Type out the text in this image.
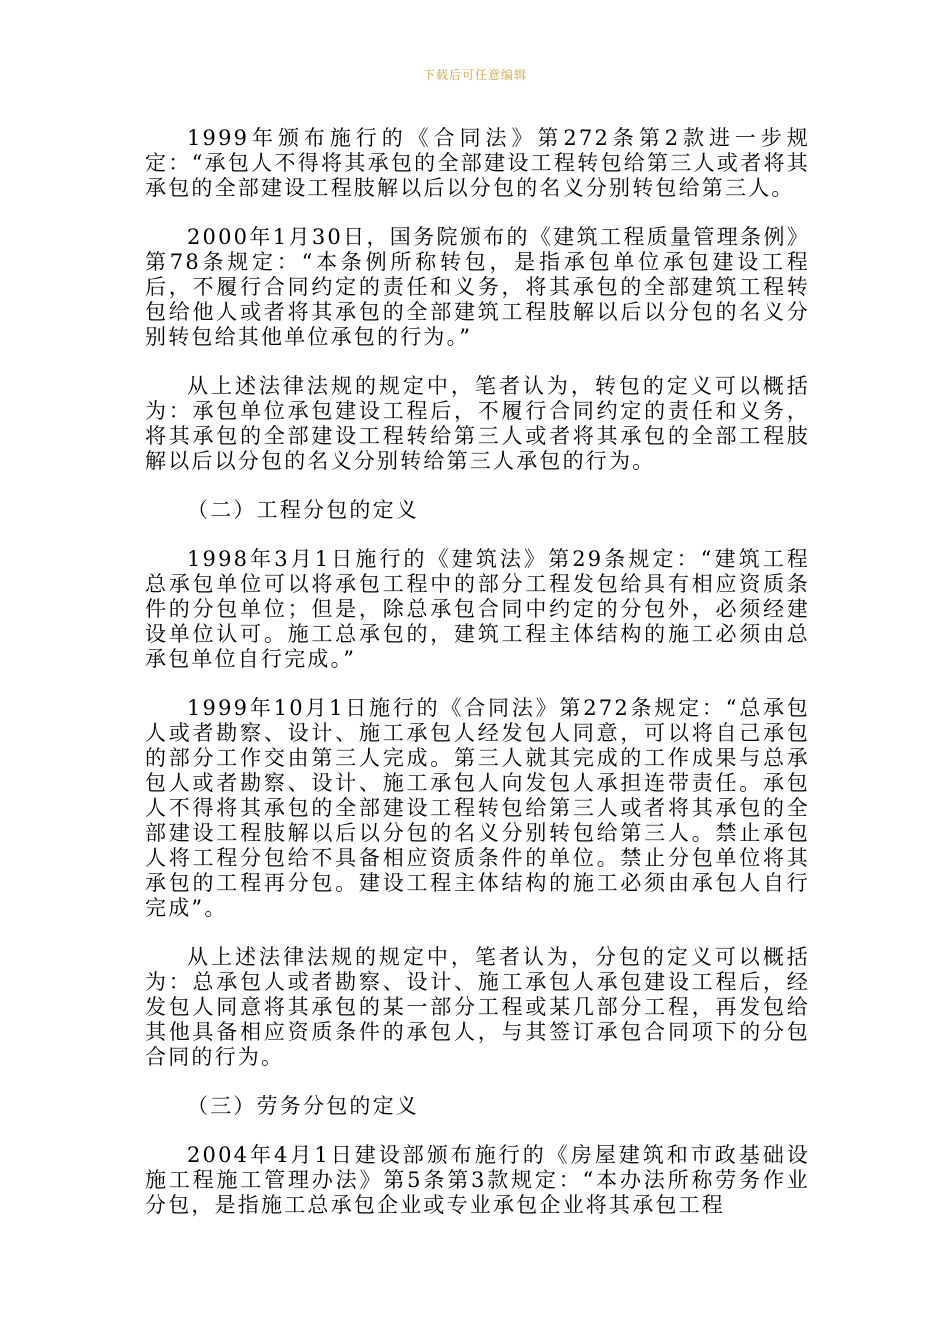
下载后可任意编辑

1999年颁布施行的《合同法》第272条第2款进一步规定：“承包人不得将其承包的全部建设工程转包给第三人或者将其承包的全部建设工程肢解以后以分包的名义分别转包给第三人。

2000年1月30日，国务院颁布的《建筑工程质量管理条例》第78条规定：“本条例所称转包，是指承包单位承包建设工程后，不履行合同约定的责任和义务，将其承包的全部建筑工程转包给他人或者将其承包的全部建筑工程肢解以后以分包的名义分别转包给其他单位承包的行为。”

从上述法律法规的规定中，笔者认为，转包的定义可以概括为：承包单位承包建设工程后，不履行合同约定的责任和义务，将其承包的全部建设工程转给第三人或者将其承包的全部工程肢解以后以分包的名义分别转给第三人承包的行为。

（二）工程分包的定义

1998年3月1日施行的《建筑法》第29条规定：“建筑工程总承包单位可以将承包工程中的部分工程发包给具有相应资质条件的分包单位；但是，除总承包合同中约定的分包外，必须经建设单位认可。施工总承包的，建筑工程主体结构的施工必须由总承包单位自行完成。”

1999年10月1日施行的《合同法》第272条规定：“总承包人或者勘察、设计、施工承包人经发包人同意，可以将自己承包的部分工作交由第三人完成。第三人就其完成的工作成果与总承包人或者勘察、设计、施工承包人向发包人承担连带责任。承包人不得将其承包的全部建设工程转包给第三人或者将其承包的全部建设工程肢解以后以分包的名义分别转包给第三人。禁止承包人将工程分包给不具备相应资质条件的单位。禁止分包单位将其承包的工程再分包。建设工程主体结构的施工必须由承包人自行完成”。

从上述法律法规的规定中，笔者认为，分包的定义可以概括为：总承包人或者勘察、设计、施工承包人承包建设工程后，经发包人同意将其承包的某一部分工程或某几部分工程，再发包给其他具备相应资质条件的承包人，与其签订承包合同项下的分包合同的行为。

（三）劳务分包的定义

2004年4月1日建设部颁布施行的《房屋建筑和市政基础设施工程施工管理办法》第5条第3款规定：“本办法所称劳务作业分包，是指施工总承包企业或专业承包企业将其承包工程
